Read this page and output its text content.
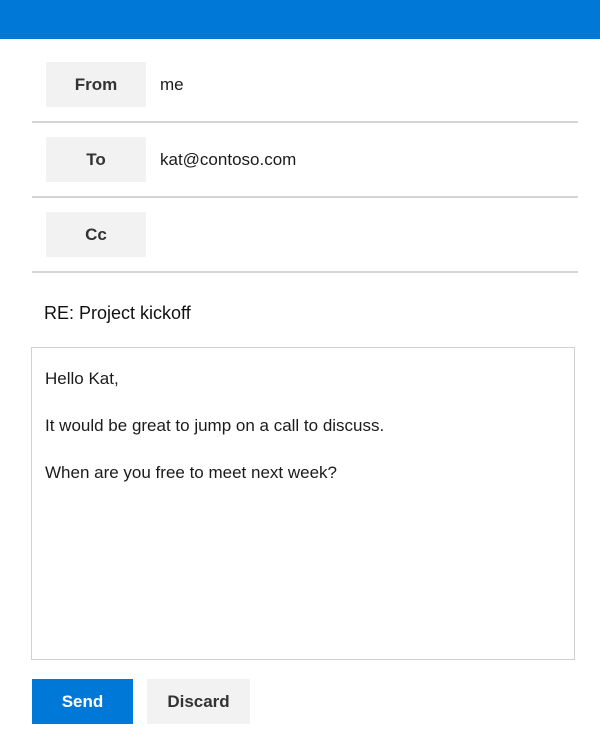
From	me
To	kat@contoso.com
Cc
RE: Project kickoff

Hello Kat,

It would be great to jump on a call to discuss.

When are you free to meet next week?

Send	Discard
